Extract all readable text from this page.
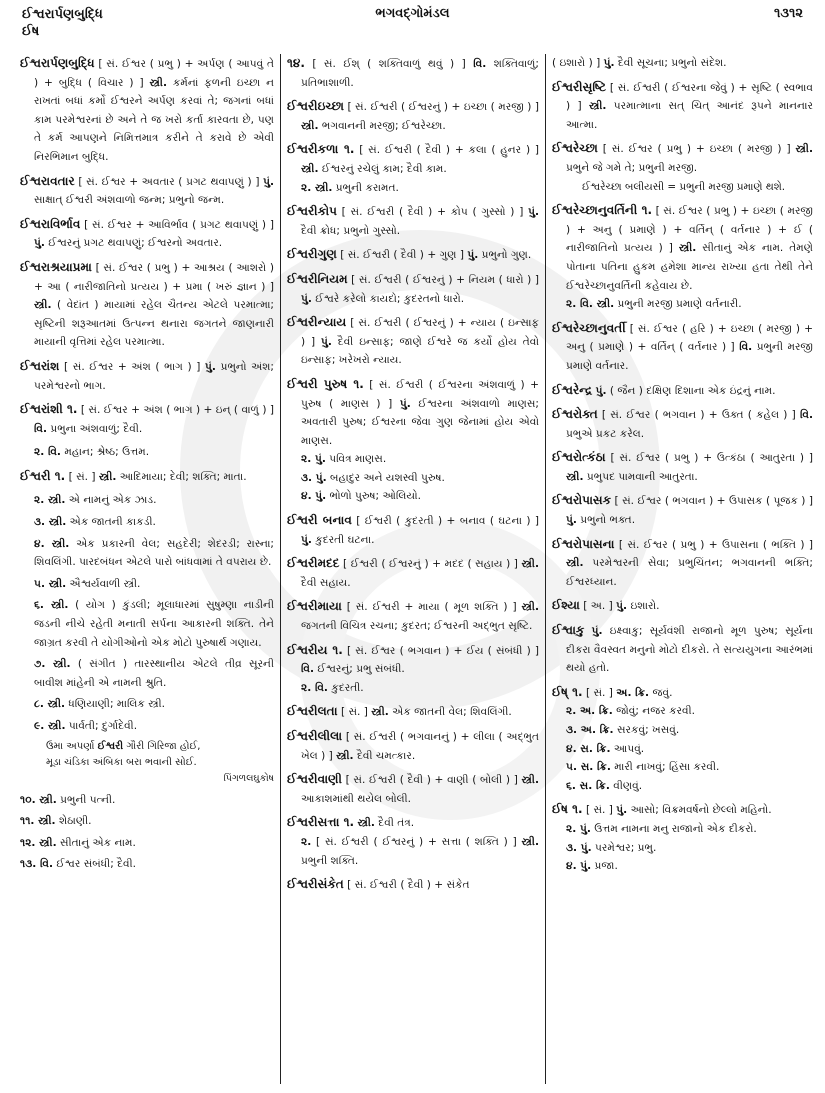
ઈશ્વરાર્પણબુદ્ધિ
ઈષ
ભગવદ્ગોમંડલ	૧૩૧૨
ઈશ્વરાર્પણબુદ્ધિ [ સં. ઈશ્વર ( પ્રભુ ) + અર્પણ ( આપવું તે ) + બુદ્ધિ ( વિચાર ) ] સ્ત્રી. કર્મનાં ફળની ઇચ્છા ન રાખતાં બધાં કર્મો ઈશ્વરને અર્પણ કરવાં તે; જગનાં બધાં કામ પરમેશ્વરનાં છે અને તે જ ખરો કર્તા કારવતા છે, પણ તે કર્મ આપણને નિમિત્તમાત્ર કરીને તે કરાવે છે એવી નિરભિમાન બુદ્ધિ.
ઈશ્વરાવતાર [ સં. ઈશ્વર + અવતાર ( પ્રગટ થવાપણું ) ] પું. સાક્ષાત્ ઈશ્વરી અંશવાળો જન્મ; પ્રભુનો જન્મ.
ઈશ્વરાવિર્ભાવ [ સં. ઈશ્વર + આવિર્ભાવ ( પ્રગટ થવાપણું ) ] પું. ઈશ્વરનું પ્રગટ થવાપણું; ઈશ્વરનો અવતાર.
ઈશ્વરાશ્રયાપ્રમા [ સં. ઈશ્વર ( પ્રભુ ) + આશ્રય ( આશરો ) + આ ( નારીજાતિનો પ્રત્યય ) + પ્રમા ( ખરું જ્ઞાન ) ] સ્ત્રી. ( વેદાંત ) માયામાં રહેલ ચૈતન્ય એટલે પરમાત્મા; સૃષ્ટિની શરૂઆતમાં ઉત્પન્ન થનારા જગતને જાણનારી માયાની વૃત્તિમાં રહેલ પરમાત્મા.
ઈશ્વરાંશ [ સં. ઈશ્વર + અંશ ( ભાગ ) ] પું. પ્રભુનો અંશ; પરમેશ્વરનો ભાગ.
ઈશ્વરાંશી ૧. [ સં. ઈશ્વર + અંશ ( ભાગ ) + ઇન્ ( વાળું ) ] વિ. પ્રભુના અંશવાળું; દૈવી.
૨. વિ. મહાન; શ્રેષ્ઠ; ઉત્તમ.
ઈશ્વરી ૧. [ સં. ] સ્ત્રી. આદિમાયા; દેવી; શક્તિ; માતા.
૨. સ્ત્રી. એ નામનું એક ઝાડ.
૩. સ્ત્રી. એક જાતની કાકડી.
૪. સ્ત્રી. એક પ્રકારની વેલ; સહદેરી; શેદરડી; રાસ્ના; શિવલિંગી. પારદબંધન એટલે પારો બાંધવામાં તે વપરાય છે.
૫. સ્ત્રી. ઐશ્વર્યવાળી સ્ત્રી.
૬. સ્ત્રી. ( યોગ ) કુંડલી; મૂલાધારમાં સુષુમ્ણા નાડીની જડની નીચે રહેતી મનાતી સર્પના આકારની શક્તિ. તેને જાગ્રત કરવી તે યોગીઓનો એક મોટો પુરુષાર્થ ગણાય.
૭. સ્ત્રી. ( સંગીત ) તારસ્થાનીય એટલે તીવ્ર સૂરની બાવીશ માંહેની એ નામની શ્રુતિ.
૮. સ્ત્રી. ધણિયાણી; માલિક સ્ત્રી.
૯. સ્ત્રી. પાર્વતી; દુર્ગાદેવી.
ઉમા અપર્ણા ઈશ્વરી ગૌરી ગિરિજા હોઈ,
મૂડા ચંડિકા અંબિકા બરા ભવાની સોઈ.
પિંગળલઘુકોષ
૧૦. સ્ત્રી. પ્રભુની પત્ની.
૧૧. સ્ત્રી. શેઠાણી.
૧૨. સ્ત્રી. સીતાનું એક નામ.
૧૩. વિ. ઈશ્વર સંબંધી; દૈવી.
૧૪. [ સં. ઈશ્ ( શક્તિવાળું થવું ) ] વિ. શક્તિવાળું; પ્રતિભાશાળી.
ઈશ્વરીઇચ્છા [ સં. ઈશ્વરી ( ઈશ્વરનું ) + ઇચ્છા ( મરજી ) ] સ્ત્રી. ભગવાનની મરજી; ઈશ્વરેચ્છા.
ઈશ્વરીકળા ૧. [ સં. ઈશ્વરી ( દૈવી ) + કલા ( હુનર ) ] સ્ત્રી. ઈશ્વરનું રચેલું કામ; દૈવી કામ.
૨. સ્ત્રી. પ્રભુની કરામત.
ઈશ્વરીકોપ [ સં. ઈશ્વરી ( દૈવી ) + કોપ ( ગુસ્સો ) ] પું. દૈવી ક્રોધ; પ્રભુનો ગુસ્સો.
ઈશ્વરીગુણ [ સં. ઈશ્વરી ( દૈવી ) + ગુણ ] પું. પ્રભુનો ગુણ.
ઈશ્વરીનિયમ [ સં. ઈશ્વરી ( ઈશ્વરનું ) + નિયમ ( ધારો ) ] પું. ઈશ્વરે કરેલો કાયદો; કુદરતનો ધારો.
ઈશ્વરીન્યાય [ સં. ઈશ્વરી ( ઈશ્વરનું ) + ન્યાય ( ઇન્સાફ ) ] પું. દૈવી ઇન્સાફ; જાણે ઈશ્વરે જ કર્યો હોય તેવો ઇન્સાફ; ખરેખરો ન્યાય.
ઈશ્વરી પુરુષ ૧. [ સં. ઈશ્વરી ( ઈશ્વરના અંશવાળું ) + પુરુષ ( માણસ ) ] પું. ઈશ્વરના અંશવાળો માણસ; અવતારી પુરુષ; ઈશ્વરના જેવા ગુણ જેનામાં હોય એવો માણસ.
૨. પું. પવિત્ર માણસ.
૩. પું. બહાદુર અને યશસ્વી પુરુષ.
૪. પું. ભોળો પુરુષ; ઓલિયો.
ઈશ્વરી બનાવ [ ઈશ્વરી ( કુદરતી ) + બનાવ ( ઘટના ) ] પું. કુદરતી ઘટના.
ઈશ્વરીમદદ [ ઈશ્વરી ( ઈશ્વરનું ) + મદદ ( સહાય ) ] સ્ત્રી. દૈવી સહાય.
ઈશ્વરીમાયા [ સં. ઈશ્વરી + માયા ( મૂળ શક્તિ ) ] સ્ત્રી. જગતની વિચિત્ર રચના; કુદરત; ઈશ્વરની અદ્ભુત સૃષ્ટિ.
ઈશ્વરીય ૧. [ સં. ઈશ્વર ( ભગવાન ) + ઈય ( સંબંધી ) ] વિ. ઈશ્વરનું; પ્રભુ સંબંધી.
૨. વિ. કુદરતી.
ઈશ્વરીલતા [ સં. ] સ્ત્રી. એક જાતની વેલ; શિવલિંગી.
ઈશ્વરીલીલા [ સં. ઈશ્વરી ( ભગવાનનું ) + લીલા ( અદ્ભુત ખેલ ) ] સ્ત્રી. દૈવી ચમત્કાર.
ઈશ્વરીવાણી [ સં. ઈશ્વરી ( દૈવી ) + વાણી ( બોલી ) ] સ્ત્રી. આકાશમાંથી થયેલ બોલી.
ઈશ્વરીસત્તા ૧. સ્ત્રી. દૈવી તંત્ર.
૨. [ સં. ઈશ્વરી ( ઈશ્વરનું ) + સત્તા ( શક્તિ ) ] સ્ત્રી. પ્રભુની શક્તિ.
ઈશ્વરીસંકેત [ સં. ઈશ્વરી ( દૈવી ) + સંકેત
( ઇશારો ) ] પું. દૈવી સૂચના; પ્રભુનો સંદેશ.
ઈશ્વરીસૃષ્ટિ [ સં. ઈશ્વરી ( ઈશ્વરના જેવું ) + સૃષ્ટિ ( સ્વભાવ ) ] સ્ત્રી. પરમાત્માના સત્ ચિત્ આનંદ રૂપને માનનાર આત્મા.
ઈશ્વરેચ્છા [ સં. ઈશ્વર ( પ્રભુ ) + ઇચ્છા ( મરજી ) ] સ્ત્રી. પ્રભુને જે ગમે તે; પ્રભુની મરજી.
ઈશ્વરેચ્છા બલીયસી = પ્રભુની મરજી પ્રમાણે થશે.
ઈશ્વરેચ્છાનુવર્તિની ૧. [ સં. ઈશ્વર ( પ્રભુ ) + ઇચ્છા ( મરજી ) + અનુ ( પ્રમાણે ) + વર્તિન્ ( વર્તનાર ) + ઈ ( નારીજાતિનો પ્રત્યય ) ] સ્ત્રી. સીતાનું એક નામ. તેમણે પોતાના પતિના હુકમ હમેશા માન્ય રાખ્યા હતા તેથી તેને ઈશ્વરેચ્છાનુવર્તિની કહેવાય છે.
૨. વિ. સ્ત્રી. પ્રભુની મરજી પ્રમાણે વર્તનારી.
ઈશ્વરેચ્છાનુવર્તી [ સં. ઈશ્વર ( હરિ ) + ઇચ્છા ( મરજી ) + અનુ ( પ્રમાણે ) + વર્તિન્ ( વર્તનાર ) ] વિ. પ્રભુની મરજી પ્રમાણે વર્તનાર.
ઈશ્વરેન્દ્ર પું. ( જૈન ) દક્ષિણ દિશાના એક ઇંદ્રનું નામ.
ઈશ્વરોક્ત [ સં. ઈશ્વર ( ભગવાન ) + ઉક્ત ( કહેલ ) ] વિ. પ્રભુએ પ્રકટ કરેલ.
ઈશ્વરોત્કંઠા [ સં. ઈશ્વર ( પ્રભુ ) + ઉત્કંઠા ( આતુરતા ) ] સ્ત્રી. પ્રભુપદ પામવાની આતુરતા.
ઈશ્વરોપાસક [ સં. ઈશ્વર ( ભગવાન ) + ઉપાસક ( પૂજક ) ] પું. પ્રભુનો ભક્ત.
ઈશ્વરોપાસના [ સં. ઈશ્વર ( પ્રભુ ) + ઉપાસના ( ભક્તિ ) ] સ્ત્રી. પરમેશ્વરની સેવા; પ્રભુચિંતન; ભગવાનની ભક્તિ; ઈશ્વરધ્યાન.
ઈશ્યા [ અ. ] પું. ઇશારો.
ઈશ્વાકુ પું. ઇક્ષ્વાકુ; સૂર્યવંશી રાજાનો મૂળ પુરુષ; સૂર્યના દીકરા વૈવસ્વત મનુનો મોટો દીકરો. તે સત્યયુગના આરંભમાં થયો હતો.
ઈષ્ ૧. [ સં. ] અ. ક્રિ. જવું.
૨. અ. ક્રિ. જોવું; નજર કરવી.
૩. અ. ક્રિ. સરકવું; ખસવું.
૪. સ. ક્રિ. આપવું.
૫. સ. ક્રિ. મારી નાખવું; હિંસા કરવી.
૬. સ. ક્રિ. વીણવું.
ઈષ ૧. [ સં. ] પું. આસો; વિક્રમવર્ષનો છેલ્લો મહિનો.
૨. પું. ઉત્તમ નામના મનુ રાજાનો એક દીકરો.
૩. પું. પરમેશ્વર; પ્રભુ.
૪. પું. પ્રજા.
